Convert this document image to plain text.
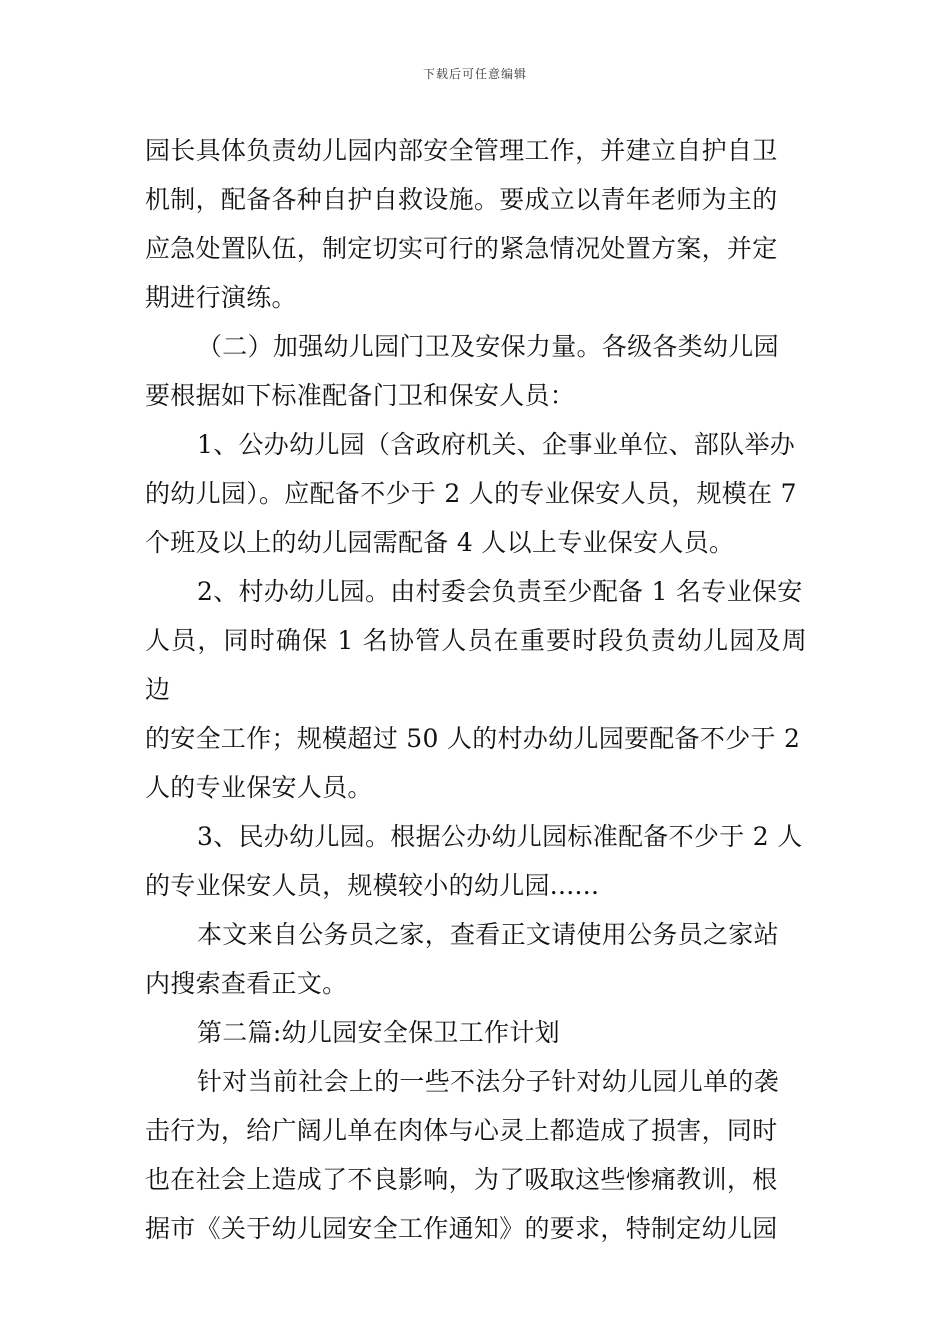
下载后可任意编辑

园长具体负责幼儿园内部安全管理工作，并建立自护自卫
机制，配备各种自护自救设施。要成立以青年老师为主的
应急处置队伍，制定切实可行的紧急情况处置方案，并定
期进行演练。

（二）加强幼儿园门卫及安保力量。各级各类幼儿园
要根据如下标准配备门卫和保安人员：

1、公办幼儿园（含政府机关、企事业单位、部队举办
的幼儿园）。应配备不少于 2 人的专业保安人员，规模在 7
个班及以上的幼儿园需配备 4 人以上专业保安人员。

2、村办幼儿园。由村委会负责至少配备 1 名专业保安
人员，同时确保 1 名协管人员在重要时段负责幼儿园及周边
的安全工作；规模超过 50 人的村办幼儿园要配备不少于 2
人的专业保安人员。

3、民办幼儿园。根据公办幼儿园标准配备不少于 2 人
的专业保安人员，规模较小的幼儿园......

本文来自公务员之家，查看正文请使用公务员之家站
内搜索查看正文。

第二篇:幼儿园安全保卫工作计划

针对当前社会上的一些不法分子针对幼儿园儿单的袭
击行为，给广阔儿单在肉体与心灵上都造成了损害，同时
也在社会上造成了不良影响，为了吸取这些惨痛教训，根
据市《关于幼儿园安全工作通知》的要求，特制定幼儿园
